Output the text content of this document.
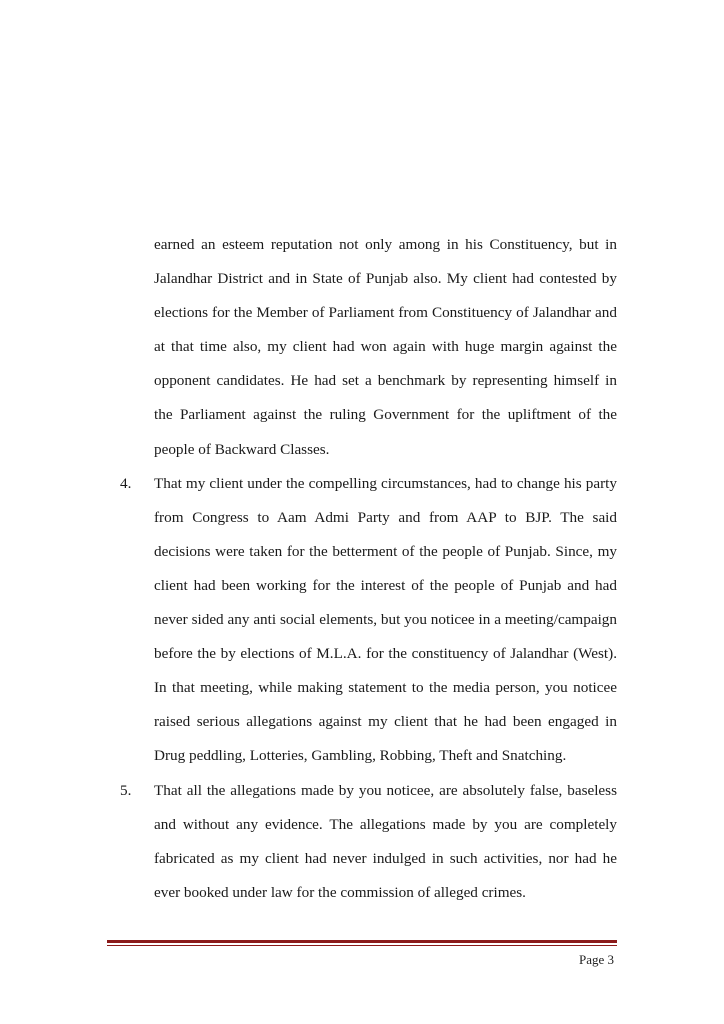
earned an esteem reputation not only among in his Constituency, but in Jalandhar District and in State of Punjab also. My client had contested by elections for the Member of Parliament from Constituency of Jalandhar and at that time also, my client had won again with huge margin against the opponent candidates. He had set a benchmark by representing himself in the Parliament against the ruling Government for the upliftment of the people of Backward Classes.
4. That my client under the compelling circumstances, had to change his party from Congress to Aam Admi Party and from AAP to BJP. The said decisions were taken for the betterment of the people of Punjab. Since, my client had been working for the interest of the people of Punjab and had never sided any anti social elements, but you noticee in a meeting/campaign before the by elections of M.L.A. for the constituency of Jalandhar (West). In that meeting, while making statement to the media person, you noticee raised serious allegations against my client that he had been engaged in Drug peddling, Lotteries, Gambling, Robbing, Theft and Snatching.
5. That all the allegations made by you noticee, are absolutely false, baseless and without any evidence. The allegations made by you are completely fabricated as my client had never indulged in such activities, nor had he ever booked under law for the commission of alleged crimes.
Page 3
